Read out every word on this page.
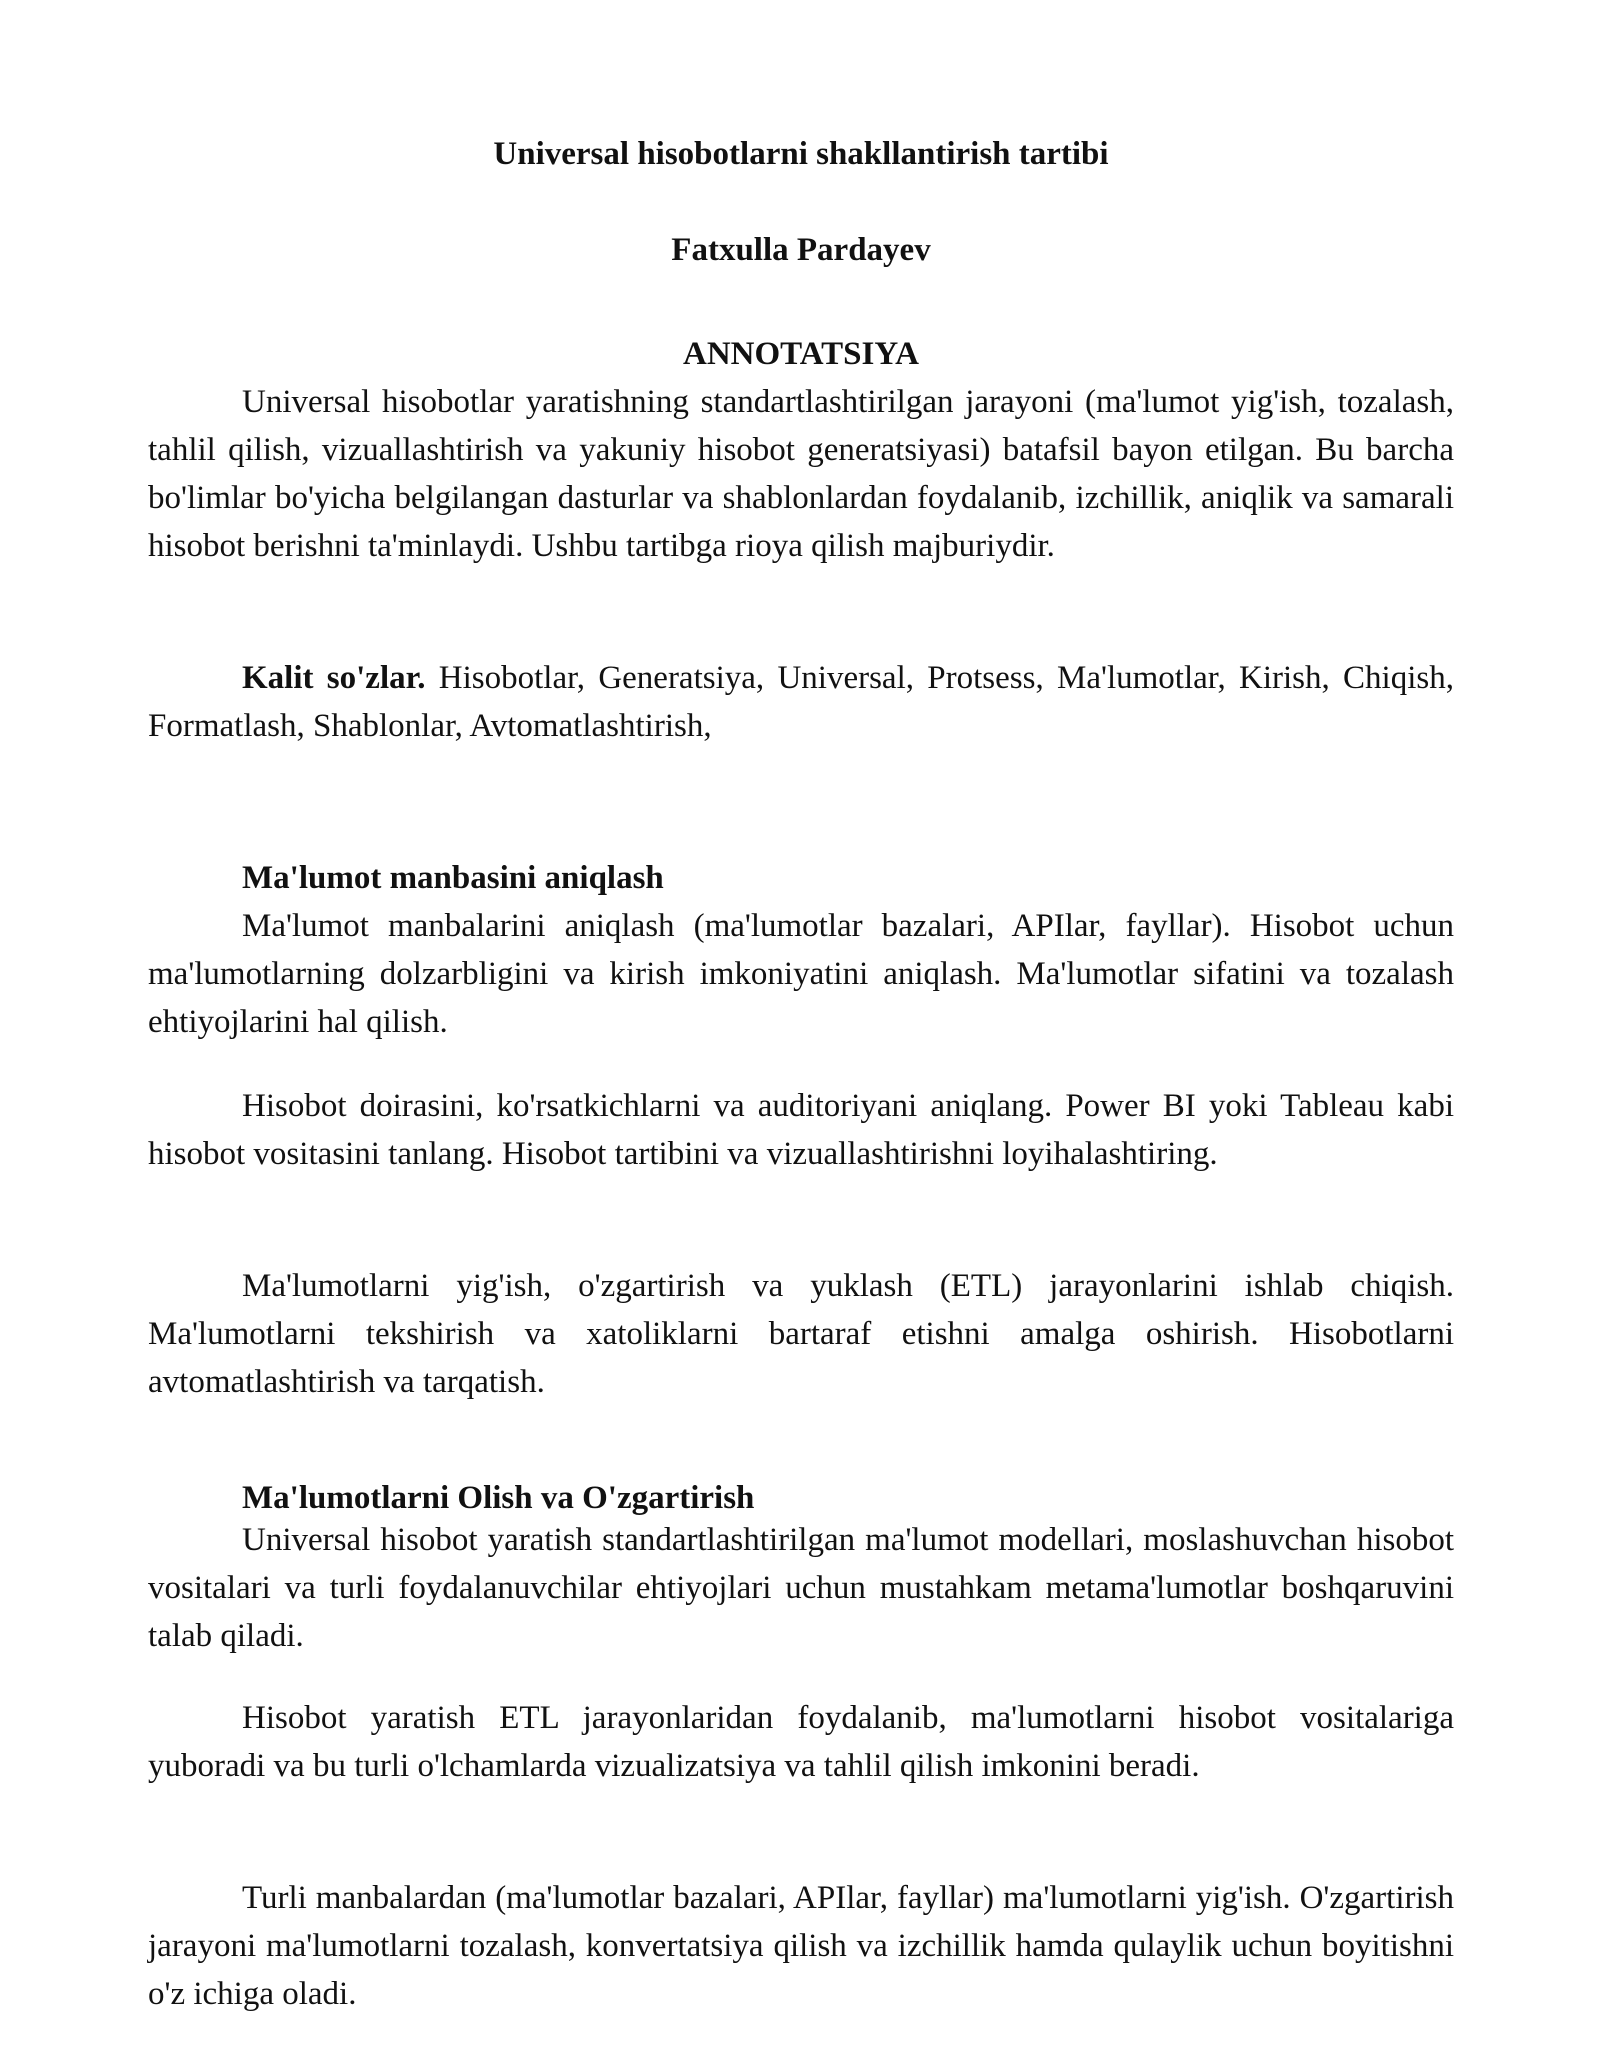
Universal hisobotlarni shakllantirish tartibi
Fatxulla Pardayev
ANNOTATSIYA

Universal hisobotlar yaratishning standartlashtirilgan jarayoni (ma'lumot yig'ish, tozalash, tahlil qilish, vizuallashtirish va yakuniy hisobot generatsiyasi) batafsil bayon etilgan. Bu barcha bo'limlar bo'yicha belgilangan dasturlar va shablonlardan foydalanib, izchillik, aniqlik va samarali hisobot berishni ta'minlaydi. Ushbu tartibga rioya qilish majburiydir.

Kalit so'zlar. Hisobotlar, Generatsiya, Universal, Protsess, Ma'lumotlar, Kirish, Chiqish, Formatlash, Shablonlar, Avtomatlashtirish,

Ma'lumot manbasini aniqlash

Ma'lumot manbalarini aniqlash (ma'lumotlar bazalari, APIlar, fayllar). Hisobot uchun ma'lumotlarning dolzarbligini va kirish imkoniyatini aniqlash. Ma'lumotlar sifatini va tozalash ehtiyojlarini hal qilish.

Hisobot doirasini, ko'rsatkichlarni va auditoriyani aniqlang. Power BI yoki Tableau kabi hisobot vositasini tanlang. Hisobot tartibini va vizuallashtirishni loyihalashtiring.

Ma'lumotlarni yig'ish, o'zgartirish va yuklash (ETL) jarayonlarini ishlab chiqish. Ma'lumotlarni tekshirish va xatoliklarni bartaraf etishni amalga oshirish. Hisobotlarni avtomatlashtirish va tarqatish.

Ma'lumotlarni Olish va O'zgartirish

Universal hisobot yaratish standartlashtirilgan ma'lumot modellari, moslashuvchan hisobot vositalari va turli foydalanuvchilar ehtiyojlari uchun mustahkam metama'lumotlar boshqaruvini talab qiladi.

Hisobot yaratish ETL jarayonlaridan foydalanib, ma'lumotlarni hisobot vositalariga yuboradi va bu turli o'lchamlarda vizualizatsiya va tahlil qilish imkonini beradi.

Turli manbalardan (ma'lumotlar bazalari, APIlar, fayllar) ma'lumotlarni yig'ish. O'zgartirish jarayoni ma'lumotlarni tozalash, konvertatsiya qilish va izchillik hamda qulaylik uchun boyitishni o'z ichiga oladi.
